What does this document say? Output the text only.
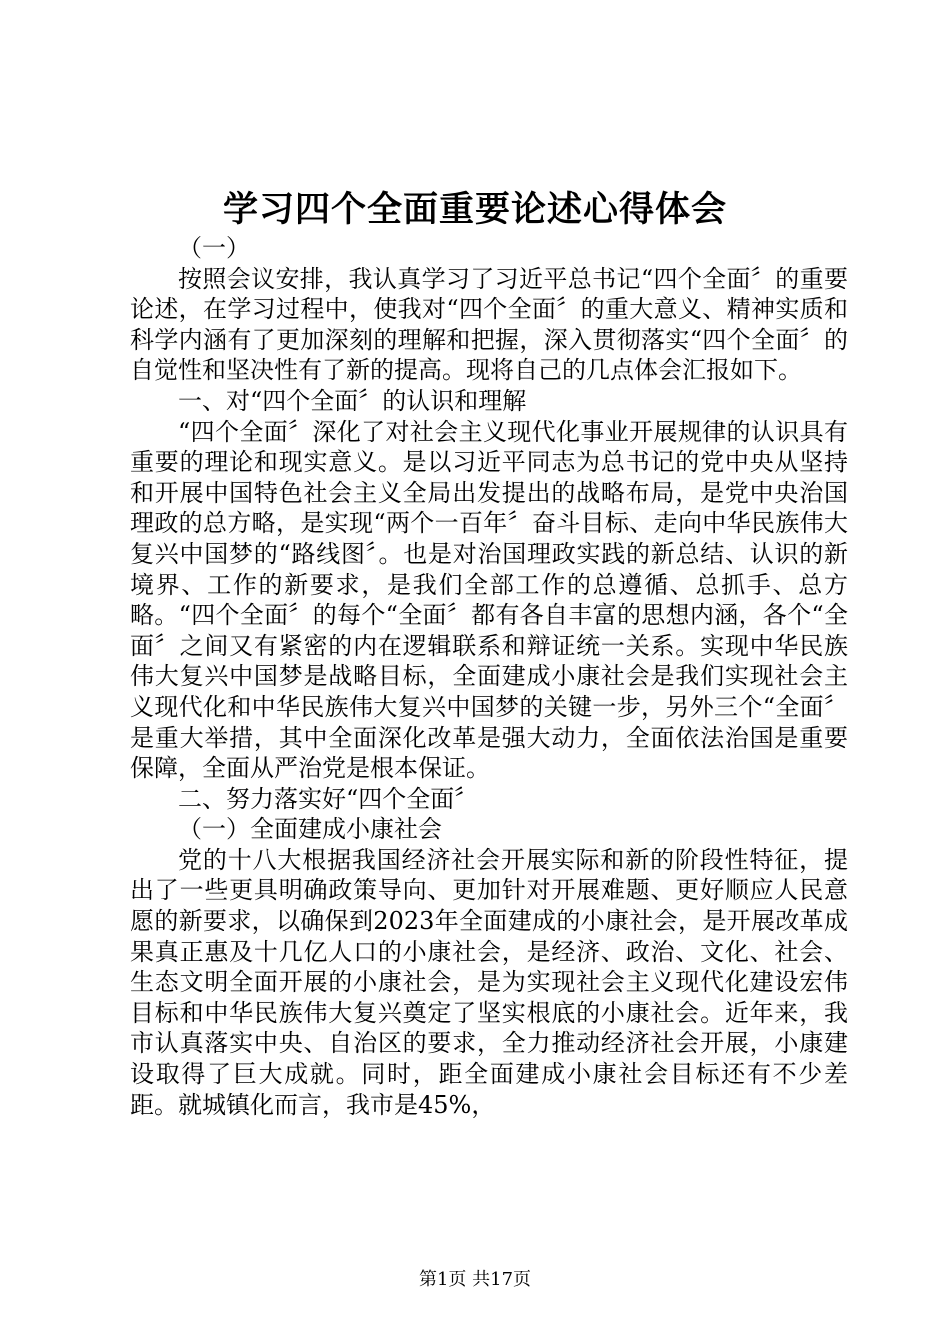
学习四个全面重要论述心得体会

（一）

按照会议安排，我认真学习了习近平总书记“四个全面〞的重要论述，在学习过程中，使我对“四个全面〞的重大意义、精神实质和科学内涵有了更加深刻的理解和把握，深入贯彻落实“四个全面〞的自觉性和坚决性有了新的提高。现将自己的几点体会汇报如下。

一、对“四个全面〞的认识和理解

“四个全面〞深化了对社会主义现代化事业开展规律的认识具有重要的理论和现实意义。是以习近平同志为总书记的党中央从坚持和开展中国特色社会主义全局出发提出的战略布局，是党中央治国理政的总方略，是实现“两个一百年〞奋斗目标、走向中华民族伟大复兴中国梦的“路线图〞。也是对治国理政实践的新总结、认识的新境界、工作的新要求，是我们全部工作的总遵循、总抓手、总方略。“四个全面〞的每个“全面〞都有各自丰富的思想内涵，各个“全面〞之间又有紧密的内在逻辑联系和辩证统一关系。实现中华民族伟大复兴中国梦是战略目标，全面建成小康社会是我们实现社会主义现代化和中华民族伟大复兴中国梦的关键一步，另外三个“全面〞是重大举措，其中全面深化改革是强大动力，全面依法治国是重要保障，全面从严治党是根本保证。

二、努力落实好“四个全面〞

（一）全面建成小康社会

党的十八大根据我国经济社会开展实际和新的阶段性特征，提出了一些更具明确政策导向、更加针对开展难题、更好顺应人民意愿的新要求，以确保到2023年全面建成的小康社会，是开展改革成果真正惠及十几亿人口的小康社会，是经济、政治、文化、社会、生态文明全面开展的小康社会，是为实现社会主义现代化建设宏伟目标和中华民族伟大复兴奠定了坚实根底的小康社会。近年来，我市认真落实中央、自治区的要求，全力推动经济社会开展，小康建设取得了巨大成就。同时，距全面建成小康社会目标还有不少差距。就城镇化而言，我市是45%，

第1页 共17页
